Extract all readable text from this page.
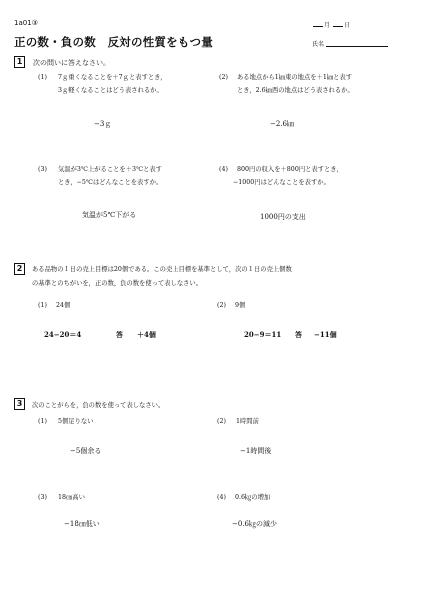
1a01③	月 日
正の数・負の数　反対の性質をもつ量	氏名
1	次の問いに答えなさい。
(1) 7ｇ重くなることを＋7ｇと表すとき，
3ｇ軽くなることはどう表されるか。
−3ｇ
(2) ある地点から1㎞東の地点を＋1㎞と表す
とき，2.6㎞西の地点はどう表されるか。
−2.6㎞
(3) 気温が3℃上がることを＋3℃と表す
とき，−5℃はどんなことを表すか。
気温が5℃下がる
(4) 800円の収入を＋800円と表すとき，
−1000円はどんなことを表すか。
1000円の支出
2	ある品物の１日の売上目標は20個である。この売上目標を基準として，次の１日の売上個数
の基準とのちがいを，正の数，負の数を使って表しなさい。
(1) 24個
24−20＝4	答 ＋4個
(2) 9個
20−9＝11 答 −11個
3	次のことがらを，負の数を使って表しなさい。
(1) 5個足りない
−5個余る
(2) 1時間前
−1時間後
(3) 18㎝高い
−18㎝低い
(4) 0.6㎏の増加
−0.6㎏の減少
